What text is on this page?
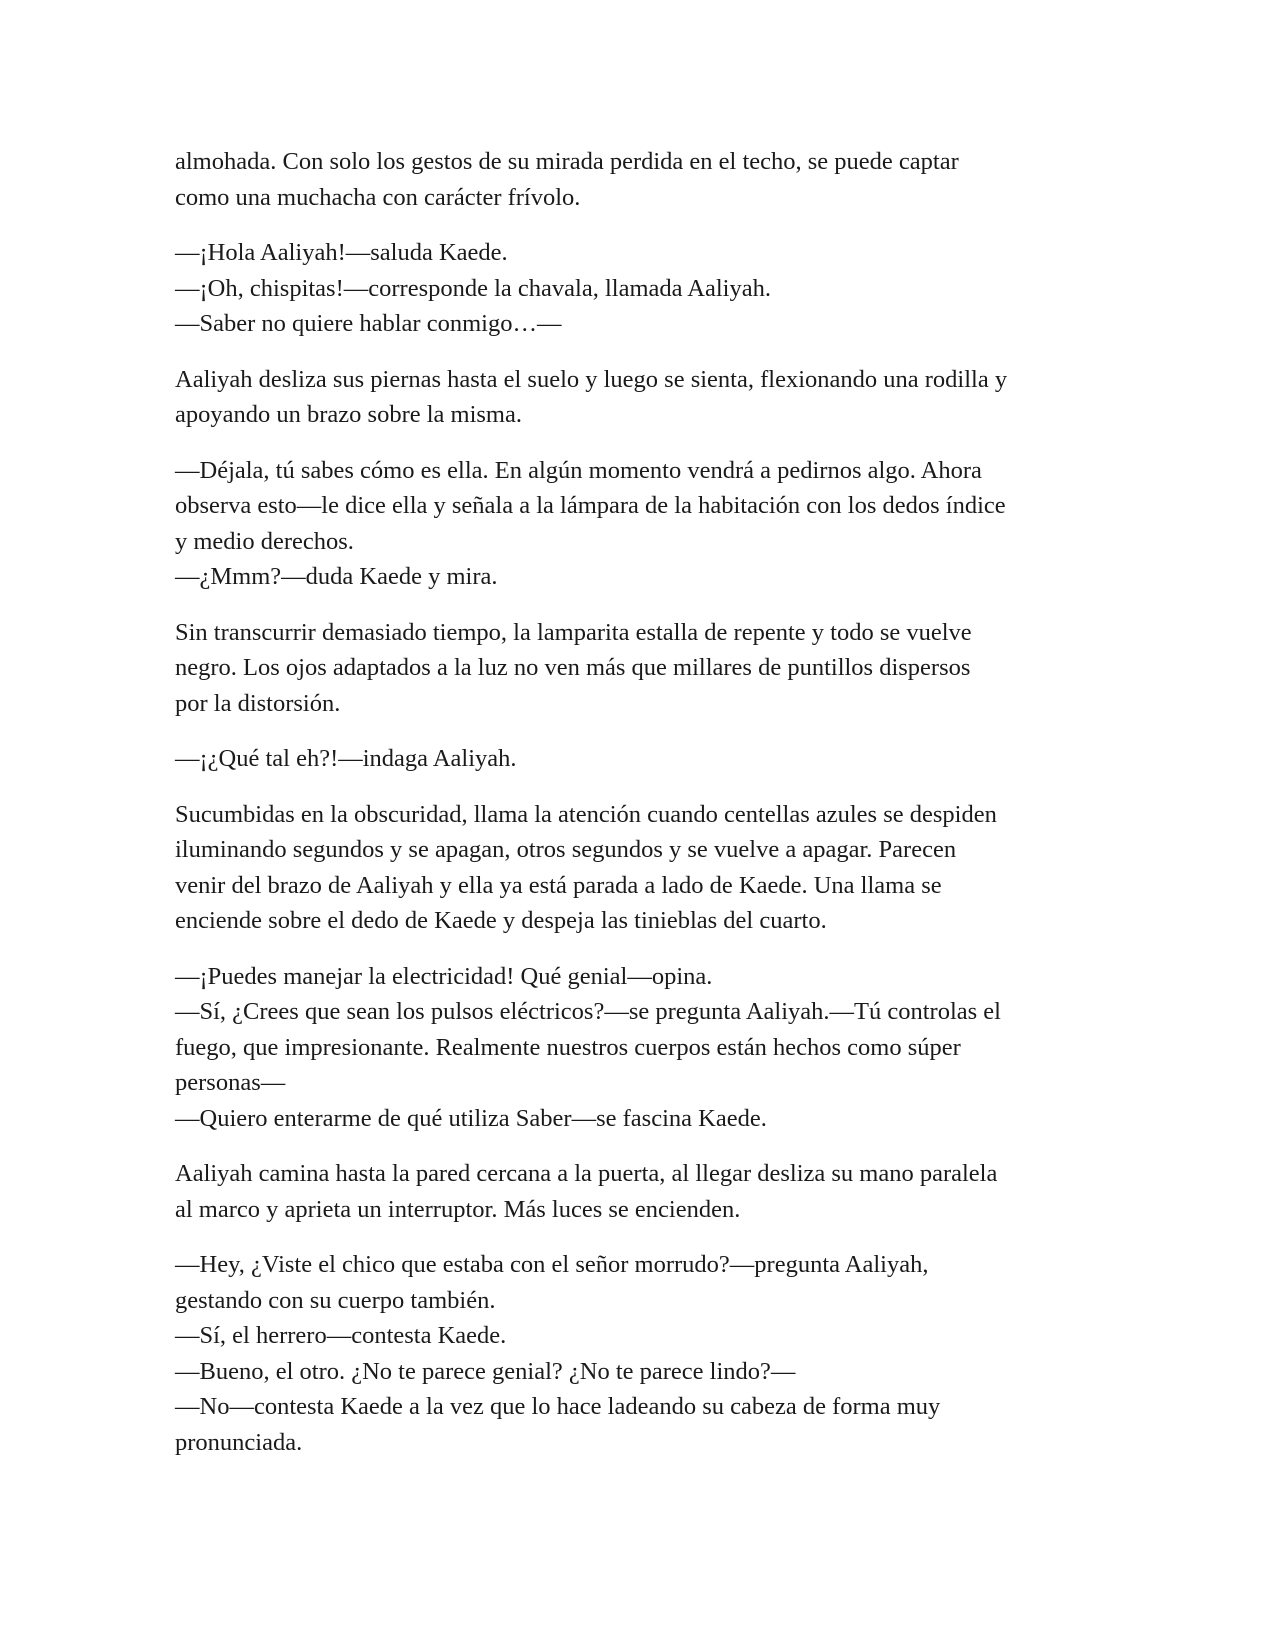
almohada. Con solo los gestos de su mirada perdida en el techo, se puede captar
como una muchacha con carácter frívolo.

—¡Hola Aaliyah!—saluda Kaede.
—¡Oh, chispitas!—corresponde la chavala, llamada Aaliyah.
—Saber no quiere hablar conmigo…—

Aaliyah desliza sus piernas hasta el suelo y luego se sienta, flexionando una rodilla y
apoyando un brazo sobre la misma.

—Déjala, tú sabes cómo es ella. En algún momento vendrá a pedirnos algo. Ahora
observa esto—le dice ella y señala a la lámpara de la habitación con los dedos índice
y medio derechos.
—¿Mmm?—duda Kaede y mira.

Sin transcurrir demasiado tiempo, la lamparita estalla de repente y todo se vuelve
negro. Los ojos adaptados a la luz no ven más que millares de puntillos dispersos
por la distorsión.

—¡¿Qué tal eh?!—indaga Aaliyah.

Sucumbidas en la obscuridad, llama la atención cuando centellas azules se despiden
iluminando segundos y se apagan, otros segundos y se vuelve a apagar. Parecen
venir del brazo de Aaliyah y ella ya está parada a lado de Kaede. Una llama se
enciende sobre el dedo de Kaede y despeja las tinieblas del cuarto.

—¡Puedes manejar la electricidad! Qué genial—opina.
—Sí, ¿Crees que sean los pulsos eléctricos?—se pregunta Aaliyah.—Tú controlas el
fuego, que impresionante. Realmente nuestros cuerpos están hechos como súper
personas—
—Quiero enterarme de qué utiliza Saber—se fascina Kaede.

Aaliyah camina hasta la pared cercana a la puerta, al llegar desliza su mano paralela
al marco y aprieta un interruptor. Más luces se encienden.

—Hey, ¿Viste el chico que estaba con el señor morrudo?—pregunta Aaliyah,
gestando con su cuerpo también.
—Sí, el herrero—contesta Kaede.
—Bueno, el otro. ¿No te parece genial? ¿No te parece lindo?—
—No—contesta Kaede a la vez que lo hace ladeando su cabeza de forma muy
pronunciada.
